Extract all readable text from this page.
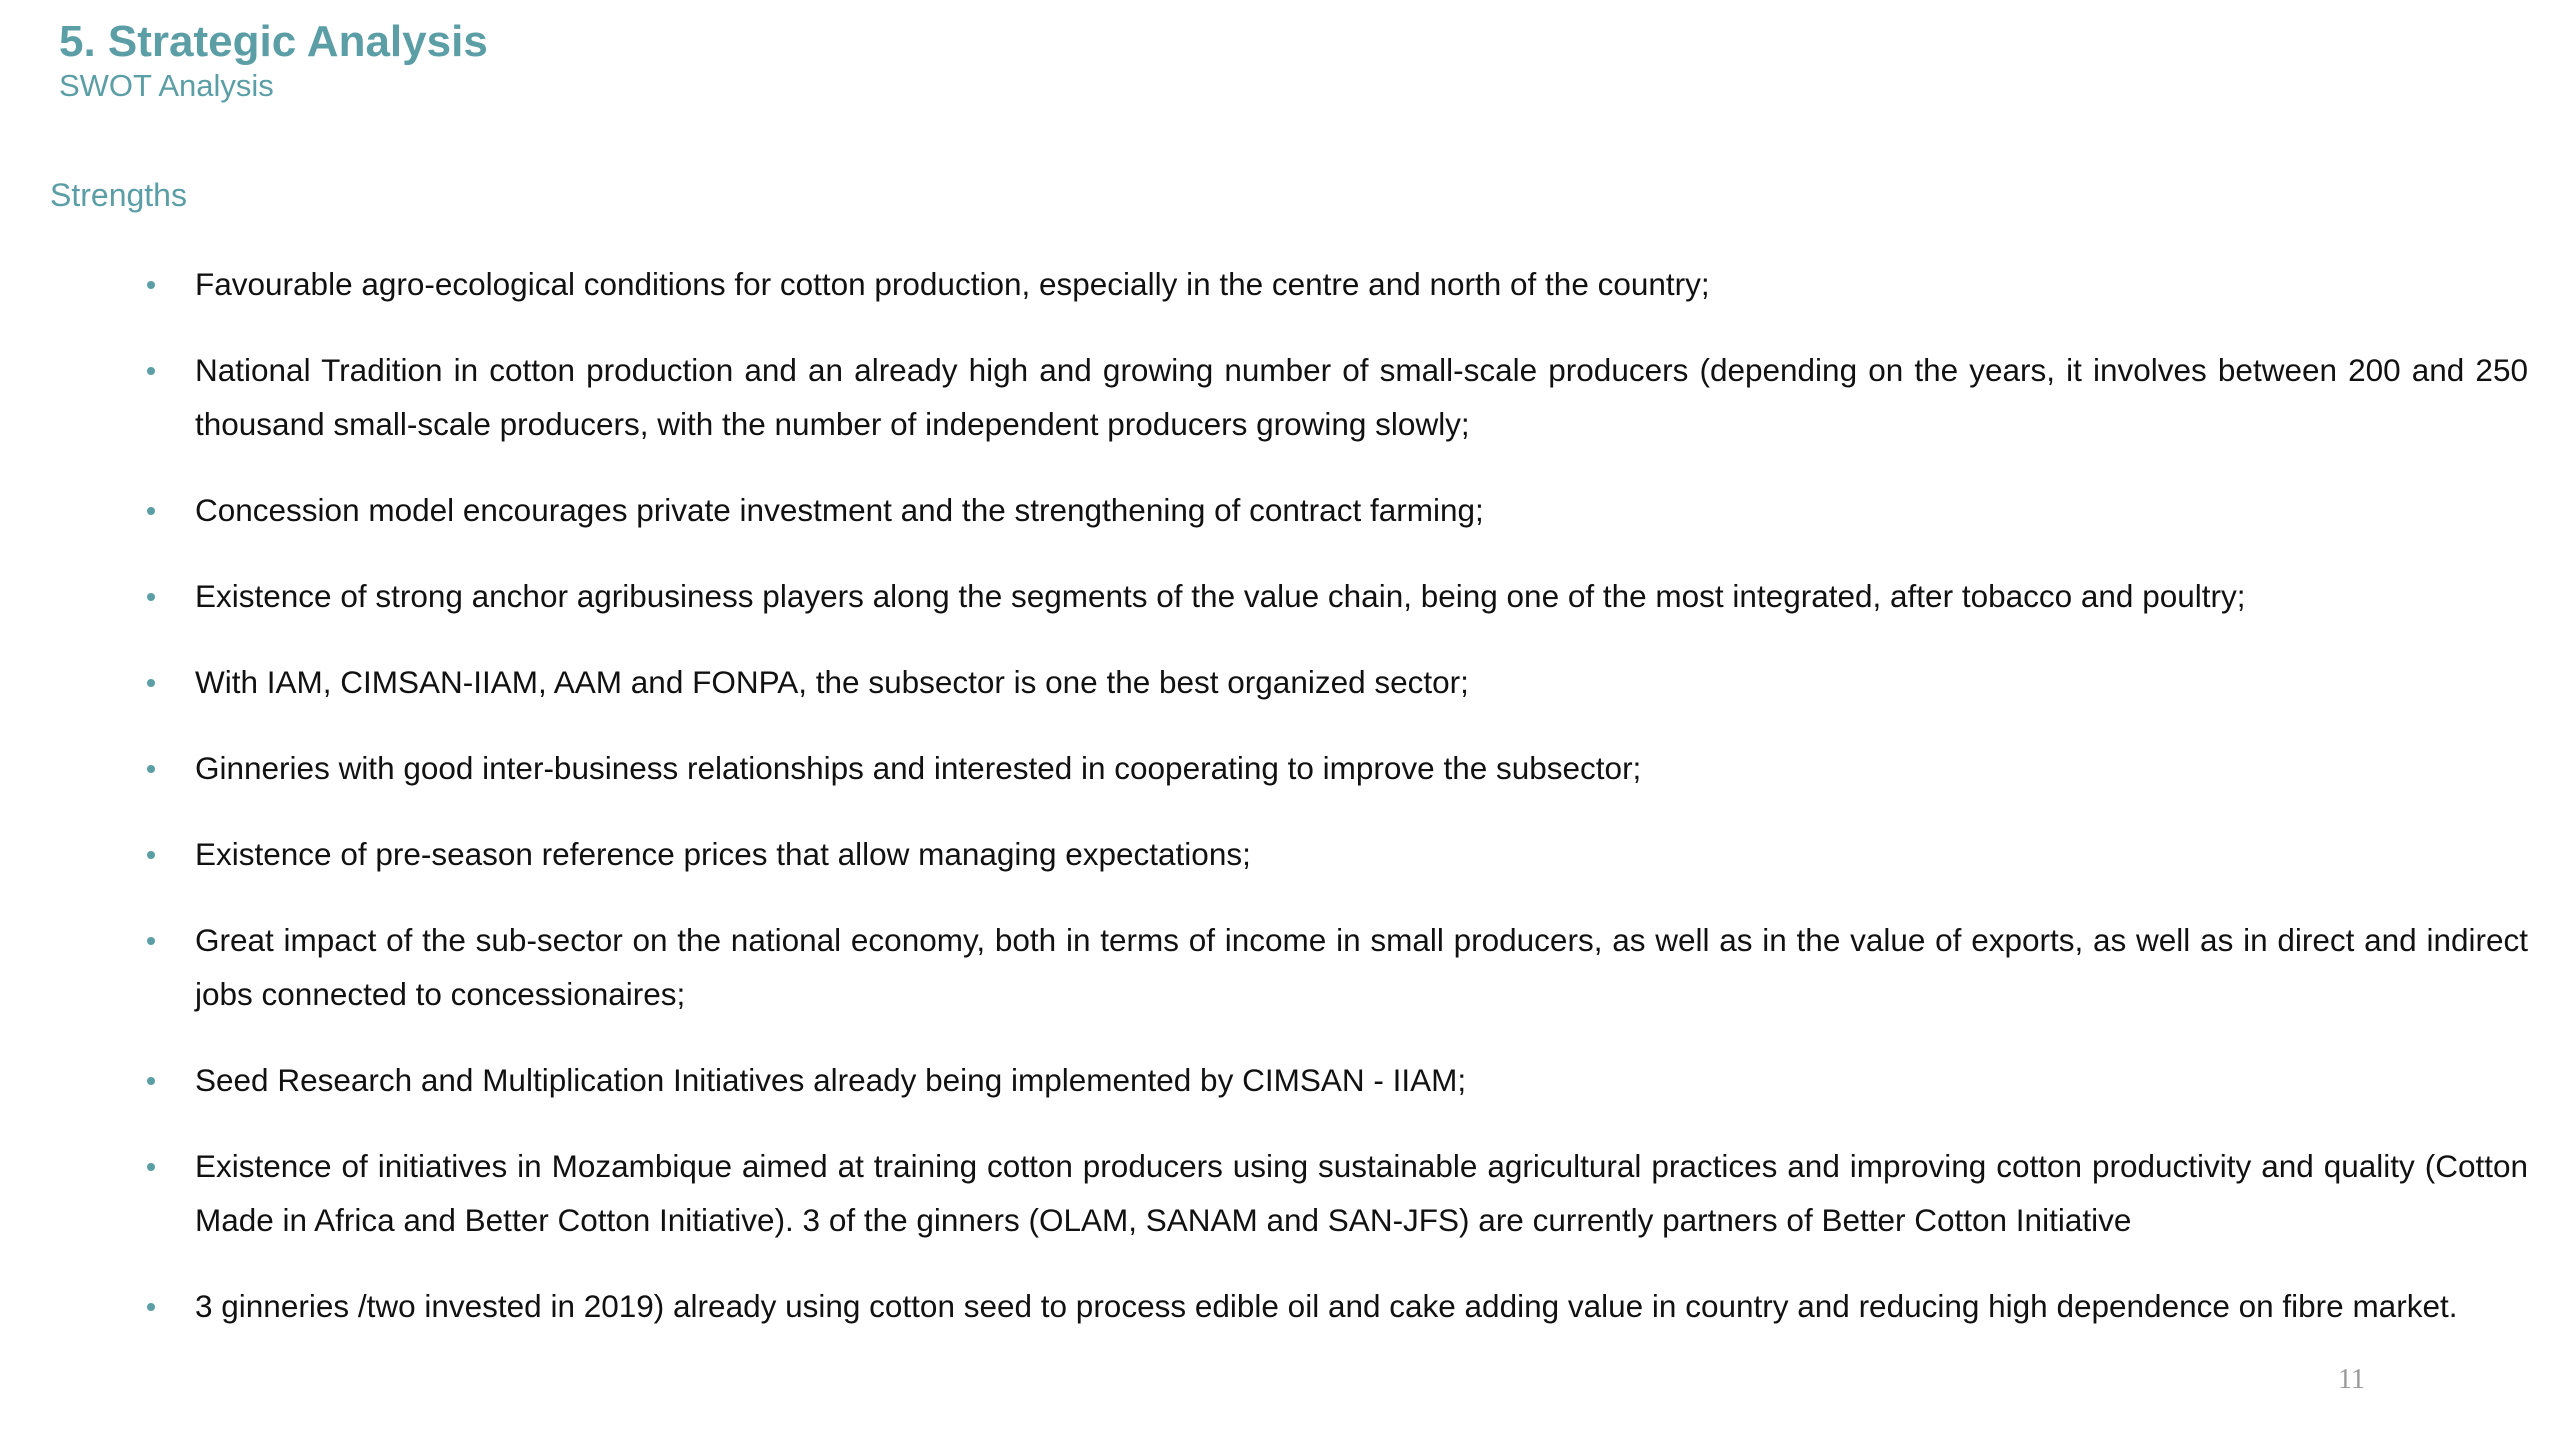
5. Strategic Analysis
SWOT Analysis
Strengths
Favourable agro-ecological conditions for cotton production, especially in the centre and north of the country;
National Tradition in cotton production and an already high and growing number of small-scale producers (depending on the years, it involves between 200 and 250 thousand small-scale producers, with the number of independent producers growing slowly;
Concession model encourages private investment and the strengthening of contract farming;
Existence of strong anchor agribusiness players along the segments of the value chain, being one of the most integrated, after tobacco and poultry;
With IAM, CIMSAN-IIAM, AAM and FONPA, the subsector is one the best organized sector;
Ginneries with good inter-business relationships and interested in cooperating to improve the subsector;
Existence of pre-season reference prices that allow managing expectations;
Great impact of the sub-sector on the national economy, both in terms of income in small producers, as well as in the value of exports, as well as in direct and indirect jobs connected to concessionaires;
Seed Research and Multiplication Initiatives already being implemented by CIMSAN - IIAM;
Existence of initiatives in Mozambique aimed at training cotton producers using sustainable agricultural practices and improving cotton productivity and quality (Cotton Made in Africa and Better Cotton Initiative). 3 of the ginners (OLAM, SANAM and SAN-JFS) are currently partners of Better Cotton Initiative
3 ginneries /two invested in 2019) already using cotton seed to process edible oil and cake adding value in country and reducing high dependence on fibre market.
11
